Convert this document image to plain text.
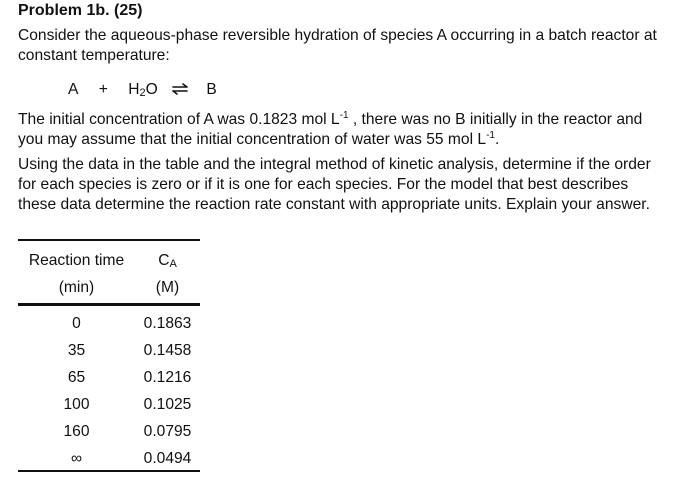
Problem 1b. (25)
Consider the aqueous-phase reversible hydration of species A occurring in a batch reactor at constant temperature:
$A + H_2O$ ⇌ B
The initial concentration of A was 0.1823 mol $L^{-1}$ , there was no B initially in the reactor and you may assume that the initial concentration of water was 55 mol $L^{-1}$.
Using the data in the table and the integral method of kinetic analysis, determine if the order for each species is zero or if it is one for each species. For the model that best describes these data determine the reaction rate constant with appropriate units. Explain your answer.
Reaction time
(min)
$C_A$
(M)
0
35
65
100
160
∞
0.1863
0.1458
0.1216
0.1025
0.0795
0.0494
